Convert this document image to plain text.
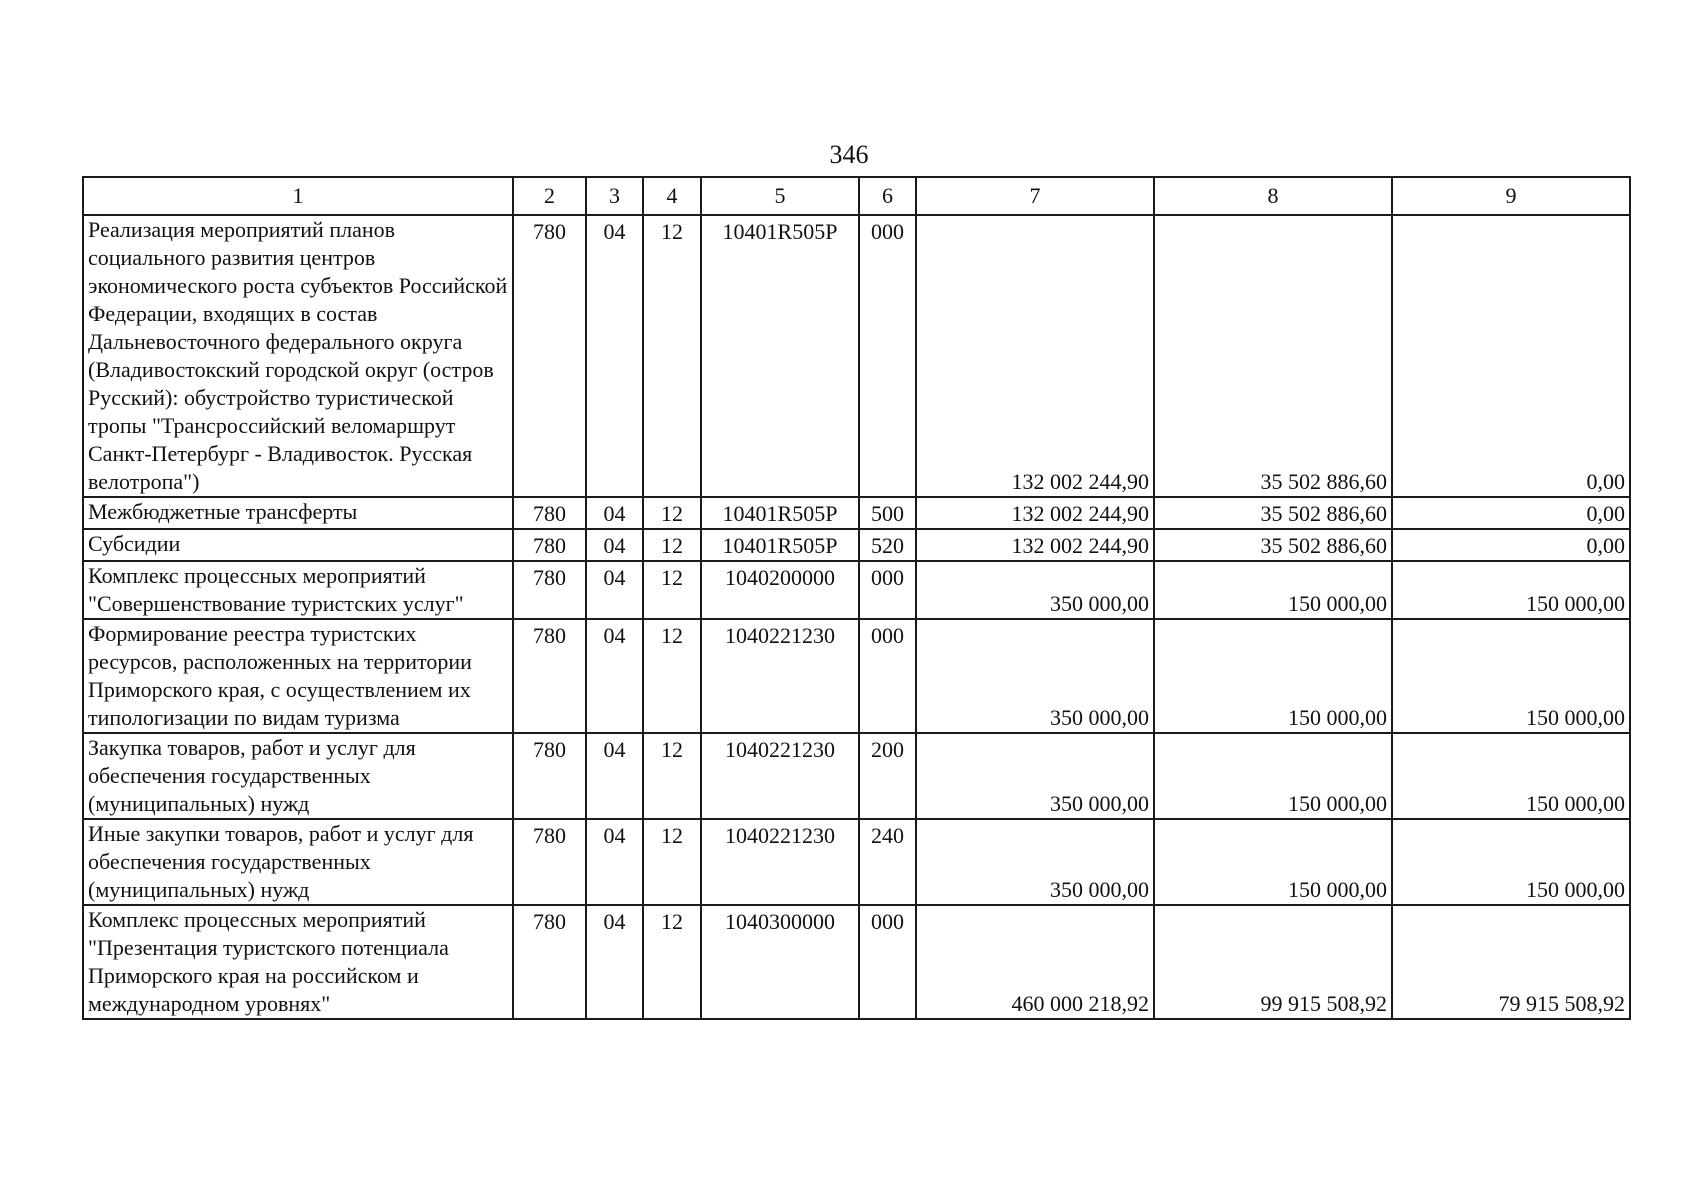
346
1	2	3	4	5	6	7	8	9
Реализация мероприятий планов социального развития центров экономического роста субъектов Российской Федерации, входящих в состав Дальневосточного федерального округа (Владивостокский городской округ (остров Русский): обустройство туристической тропы "Трансроссийский веломаршрут Санкт-Петербург - Владивосток. Русская велотропа")	780	04	12	10401R505P	000	132 002 244,90	35 502 886,60	0,00
Межбюджетные трансферты	780	04	12	10401R505P	500	132 002 244,90	35 502 886,60	0,00
Субсидии	780	04	12	10401R505P	520	132 002 244,90	35 502 886,60	0,00
Комплекс процессных мероприятий "Совершенствование туристских услуг"	780	04	12	1040200000	000	350 000,00	150 000,00	150 000,00
Формирование реестра туристских ресурсов, расположенных на территории Приморского края, с осуществлением их типологизации по видам туризма	780	04	12	1040221230	000	350 000,00	150 000,00	150 000,00
Закупка товаров, работ и услуг для обеспечения государственных (муниципальных) нужд	780	04	12	1040221230	200	350 000,00	150 000,00	150 000,00
Иные закупки товаров, работ и услуг для обеспечения государственных (муниципальных) нужд	780	04	12	1040221230	240	350 000,00	150 000,00	150 000,00
Комплекс процессных мероприятий "Презентация туристского потенциала Приморского края на российском и международном уровнях"	780	04	12	1040300000	000	460 000 218,92	99 915 508,92	79 915 508,92
